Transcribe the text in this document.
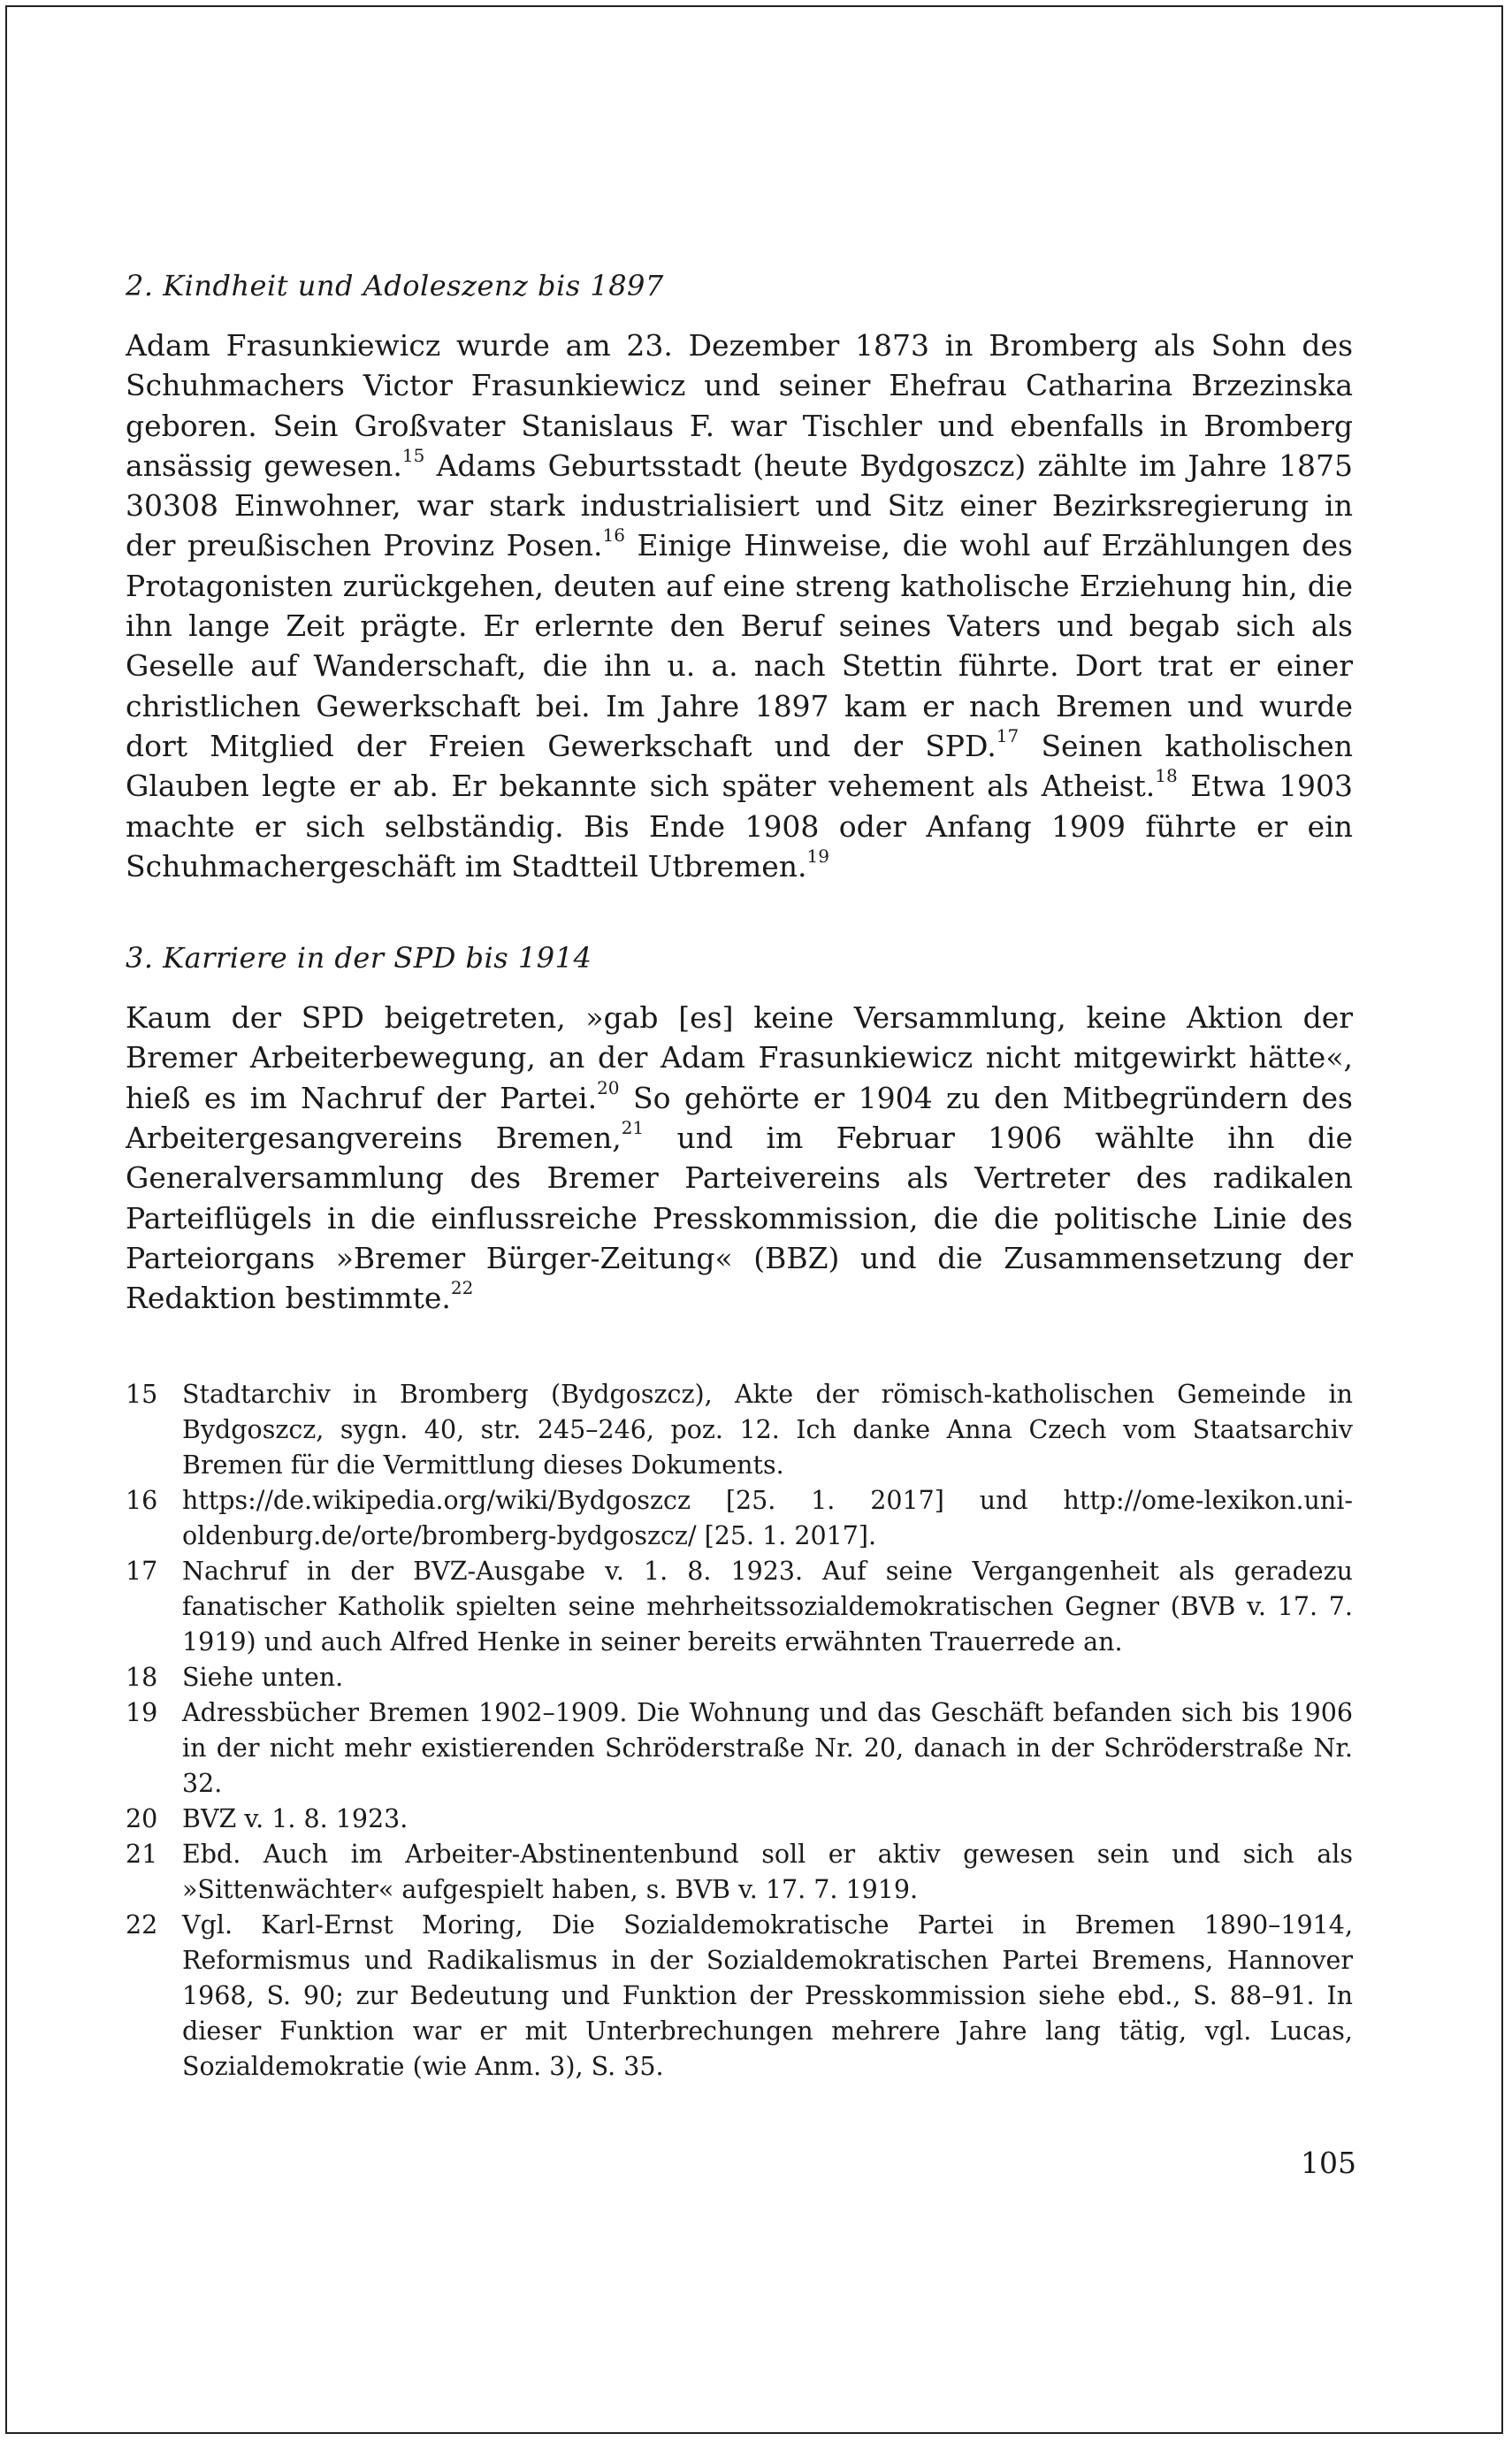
2. Kindheit und Adoleszenz bis 1897

Adam Frasunkiewicz wurde am 23. Dezember 1873 in Bromberg als Sohn des Schuhmachers Victor Frasunkiewicz und seiner Ehefrau Catharina Brzezinska geboren. Sein Großvater Stanislaus F. war Tischler und ebenfalls in Bromberg ansässig gewesen.$^{15}$ Adams Geburtsstadt (heute Bydgoszcz) zählte im Jahre 1875 30308 Einwohner, war stark industrialisiert und Sitz einer Bezirksregierung in der preußischen Provinz Posen.$^{16}$ Einige Hinweise, die wohl auf Erzählungen des Protagonisten zurückgehen, deuten auf eine streng katholische Erziehung hin, die ihn lange Zeit prägte. Er erlernte den Beruf seines Vaters und begab sich als Geselle auf Wanderschaft, die ihn u. a. nach Stettin führte. Dort trat er einer christlichen Gewerkschaft bei. Im Jahre 1897 kam er nach Bremen und wurde dort Mitglied der Freien Gewerkschaft und der SPD.$^{17}$ Seinen katholischen Glauben legte er ab. Er bekannte sich später vehement als Atheist.$^{18}$ Etwa 1903 machte er sich selbständig. Bis Ende 1908 oder Anfang 1909 führte er ein Schuhmachergeschäft im Stadtteil Utbremen.$^{19}$

3. Karriere in der SPD bis 1914

Kaum der SPD beigetreten, »gab [es] keine Versammlung, keine Aktion der Bremer Arbeiterbewegung, an der Adam Frasunkiewicz nicht mitgewirkt hätte«, hieß es im Nachruf der Partei.$^{20}$ So gehörte er 1904 zu den Mitbegründern des Arbeitergesangvereins Bremen,$^{21}$ und im Februar 1906 wählte ihn die Generalversammlung des Bremer Parteivereins als Vertreter des radikalen Parteiflügels in die einflussreiche Presskommission, die die politische Linie des Parteiorgans »Bremer Bürger-Zeitung« (BBZ) und die Zusammensetzung der Redaktion bestimmte.$^{22}$

15 Stadtarchiv in Bromberg (Bydgoszcz), Akte der römisch-katholischen Gemeinde in Bydgoszcz, sygn. 40, str. 245–246, poz. 12. Ich danke Anna Czech vom Staatsarchiv Bremen für die Vermittlung dieses Dokuments.
16 https://de.wikipedia.org/wiki/Bydgoszcz [25. 1. 2017] und http://ome-lexikon.uni-oldenburg.de/orte/bromberg-bydgoszcz/ [25. 1. 2017].
17 Nachruf in der BVZ-Ausgabe v. 1. 8. 1923. Auf seine Vergangenheit als geradezu fanatischer Katholik spielten seine mehrheitssozialdemokratischen Gegner (BVB v. 17. 7. 1919) und auch Alfred Henke in seiner bereits erwähnten Trauerrede an.
18 Siehe unten.
19 Adressbücher Bremen 1902–1909. Die Wohnung und das Geschäft befanden sich bis 1906 in der nicht mehr existierenden Schröderstraße Nr. 20, danach in der Schröderstraße Nr. 32.
20 BVZ v. 1. 8. 1923.
21 Ebd. Auch im Arbeiter-Abstinentenbund soll er aktiv gewesen sein und sich als »Sittenwächter« aufgespielt haben, s. BVB v. 17. 7. 1919.
22 Vgl. Karl-Ernst Moring, Die Sozialdemokratische Partei in Bremen 1890–1914, Reformismus und Radikalismus in der Sozialdemokratischen Partei Bremens, Hannover 1968, S. 90; zur Bedeutung und Funktion der Presskommission siehe ebd., S. 88–91. In dieser Funktion war er mit Unterbrechungen mehrere Jahre lang tätig, vgl. Lucas, Sozialdemokratie (wie Anm. 3), S. 35.
105
